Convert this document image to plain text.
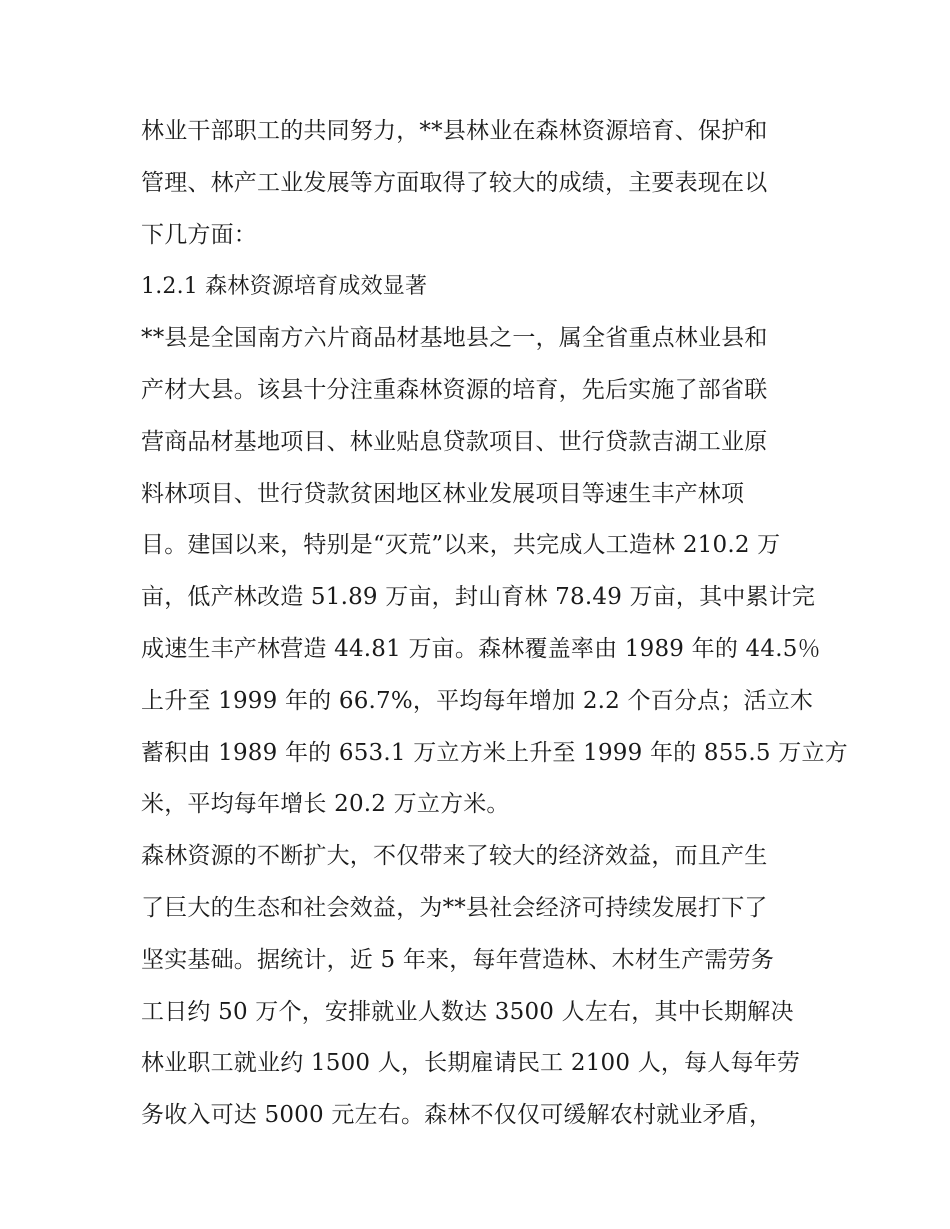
林业干部职工的共同努力，**县林业在森林资源培育、保护和
管理、林产工业发展等方面取得了较大的成绩，主要表现在以
下几方面：
1.2.1 森林资源培育成效显著
**县是全国南方六片商品材基地县之一，属全省重点林业县和
产材大县。该县十分注重森林资源的培育，先后实施了部省联
营商品材基地项目、林业贴息贷款项目、世行贷款吉湖工业原
料林项目、世行贷款贫困地区林业发展项目等速生丰产林项
目。建国以来，特别是“灭荒”以来，共完成人工造林 210.2 万
亩，低产林改造 51.89 万亩，封山育林 78.49 万亩，其中累计完
成速生丰产林营造 44.81 万亩。森林覆盖率由 1989 年的 44.5％
上升至 1999 年的 66.7%，平均每年增加 2.2 个百分点；活立木
蓄积由 1989 年的 653.1 万立方米上升至 1999 年的 855.5 万立方
米，平均每年增长 20.2 万立方米。
森林资源的不断扩大，不仅带来了较大的经济效益，而且产生
了巨大的生态和社会效益，为**县社会经济可持续发展打下了
坚实基础。据统计，近 5 年来，每年营造林、木材生产需劳务
工日约 50 万个，安排就业人数达 3500 人左右，其中长期解决
林业职工就业约 1500 人，长期雇请民工 2100 人，每人每年劳
务收入可达 5000 元左右。森林不仅仅可缓解农村就业矛盾，
